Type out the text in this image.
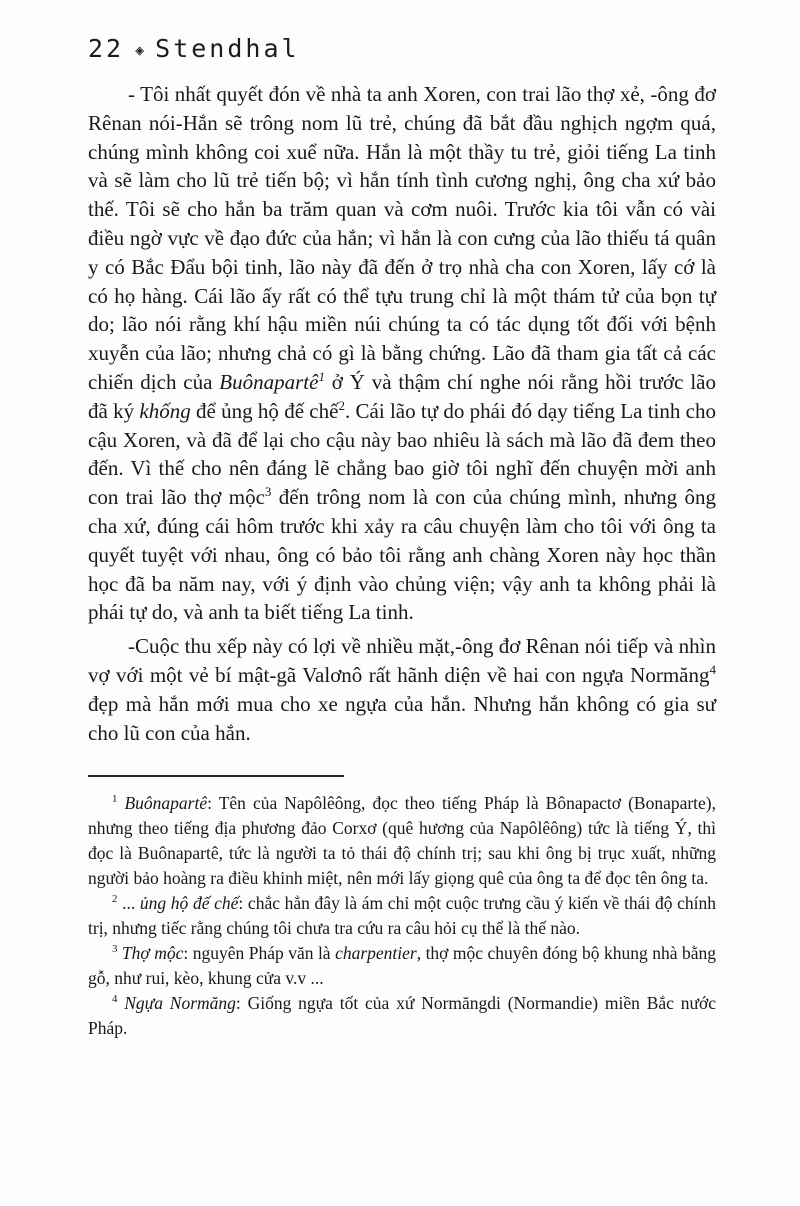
22 ◈ Stendhal

- Tôi nhất quyết đón về nhà ta anh Xoren, con trai lão thợ xẻ, -ông đơ Rênan nói-Hắn sẽ trông nom lũ trẻ, chúng đã bắt đầu nghịch ngợm quá, chúng mình không coi xuể nữa. Hắn là một thầy tu trẻ, giỏi tiếng La tinh và sẽ làm cho lũ trẻ tiến bộ; vì hắn tính tình cương nghị, ông cha xứ bảo thế. Tôi sẽ cho hắn ba trăm quan và cơm nuôi. Trước kia tôi vẫn có vài điều ngờ vực về đạo đức của hắn; vì hắn là con cưng của lão thiếu tá quân y có Bắc Đẩu bội tinh, lão này đã đến ở trọ nhà cha con Xoren, lấy cớ là có họ hàng. Cái lão ấy rất có thể tựu trung chỉ là một thám tử của bọn tự do; lão nói rằng khí hậu miền núi chúng ta có tác dụng tốt đối với bệnh xuyễn của lão; nhưng chả có gì là bằng chứng. Lão đã tham gia tất cả các chiến dịch của Buônapartê$^1$ ở Ý và thậm chí nghe nói rằng hồi trước lão đã ký khống để ủng hộ đế chế$^2$. Cái lão tự do phái đó dạy tiếng La tinh cho cậu Xoren, và đã để lại cho cậu này bao nhiêu là sách mà lão đã đem theo đến. Vì thế cho nên đáng lẽ chẳng bao giờ tôi nghĩ đến chuyện mời anh con trai lão thợ mộc$^3$ đến trông nom là con của chúng mình, nhưng ông cha xứ, đúng cái hôm trước khi xảy ra câu chuyện làm cho tôi với ông ta quyết tuyệt với nhau, ông có bảo tôi rằng anh chàng Xoren này học thần học đã ba năm nay, với ý định vào chủng viện; vậy anh ta không phải là phái tự do, và anh ta biết tiếng La tinh.

-Cuộc thu xếp này có lợi về nhiều mặt,-ông đơ Rênan nói tiếp và nhìn vợ với một vẻ bí mật-gã Valơnô rất hãnh diện về hai con ngựa Normăng$^4$ đẹp mà hắn mới mua cho xe ngựa của hắn. Nhưng hắn không có gia sư cho lũ con của hắn.

$^1$ Buônapartê: Tên của Napôlêông, đọc theo tiếng Pháp là Bônapactơ (Bonaparte), nhưng theo tiếng địa phương đảo Corxơ (quê hương của Napôlêông) tức là tiếng Ý, thì đọc là Buônapartê, tức là người ta tỏ thái độ chính trị; sau khi ông bị trục xuất, những người bảo hoàng ra điều khinh miệt, nên mới lấy giọng quê của ông ta để đọc tên ông ta.

$^2$ ... ủng hộ đế chế: chắc hẳn đây là ám chỉ một cuộc trưng cầu ý kiến về thái độ chính trị, nhưng tiếc rằng chúng tôi chưa tra cứu ra câu hỏi cụ thể là thế nào.

$^3$ Thợ mộc: nguyên Pháp văn là charpentier, thợ mộc chuyên đóng bộ khung nhà bằng gỗ, như rui, kèo, khung cửa v.v ...

$^4$ Ngựa Normăng: Giống ngựa tốt của xứ Normăngdi (Normandie) miền Bắc nước Pháp.
